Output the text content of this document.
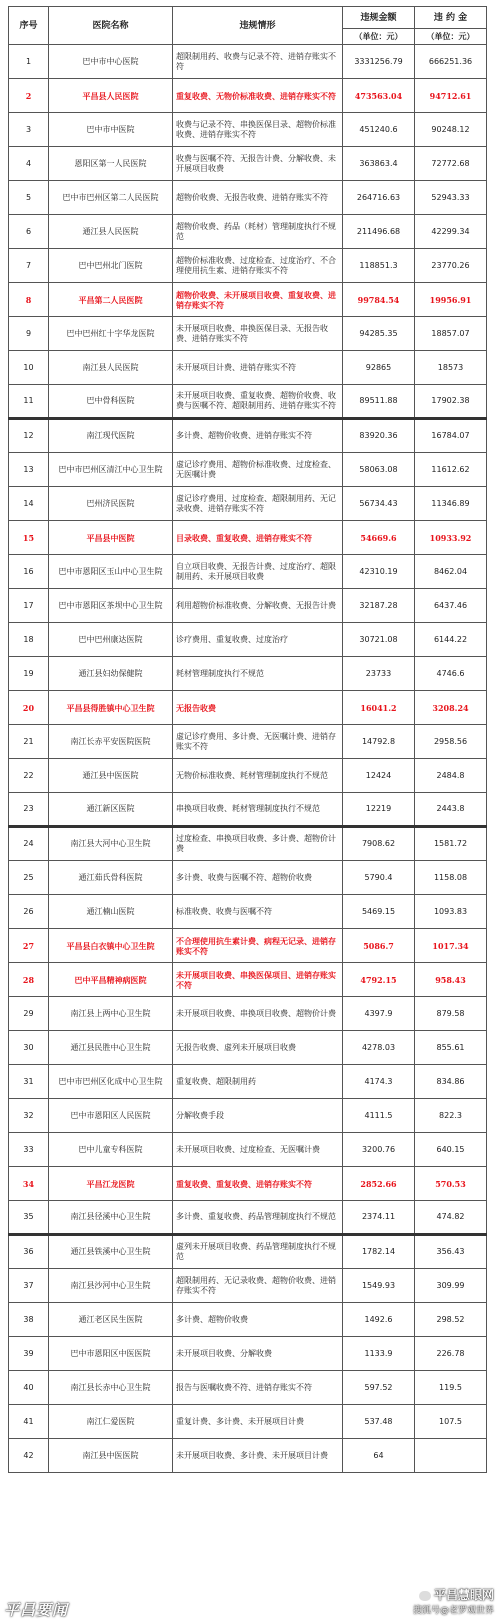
序号	医院名称	违规情形	违规金额	违 约 金
			（单位：元）	（单位：元）
1	巴中市中心医院	超限制用药、收费与记录不符、进销存账实不符	3331256.79	666251.36
2	平昌县人民医院	重复收费、无物价标准收费、进销存账实不符	473563.04	94712.61
3	巴中市中医院	收费与记录不符、串换医保目录、超物价标准收费、进销存账实不符	451240.6	90248.12
4	恩阳区第一人民医院	收费与医嘱不符、无报告计费、分解收费、未开展项目收费	363863.4	72772.68
5	巴中市巴州区第二人民医院	超物价收费、无报告收费、进销存账实不符	264716.63	52943.33
6	通江县人民医院	超物价收费、药品（耗材）管理制度执行不规范	211496.68	42299.34
7	巴中巴州北门医院	超物价标准收费、过度检查、过度治疗、不合理使用抗生素、进销存账实不符	118851.3	23770.26
8	平昌第二人民医院	超物价收费、未开展项目收费、重复收费、进销存账实不符	99784.54	19956.91
9	巴中巴州红十字华龙医院	未开展项目收费、串换医保目录、无报告收费、进销存账实不符	94285.35	18857.07
10	南江县人民医院	未开展项目计费、进销存账实不符	92865	18573
11	巴中骨科医院	未开展项目收费、重复收费、超物价收费、收费与医嘱不符、超限制用药、进销存账实不符	89511.88	17902.38
12	南江现代医院	多计费、超物价收费、进销存账实不符	83920.36	16784.07
13	巴中市巴州区清江中心卫生院	虚记诊疗费用、超物价标准收费、过度检查、无医嘱计费	58063.08	11612.62
14	巴州济民医院	虚记诊疗费用、过度检查、超限制用药、无记录收费、进销存账实不符	56734.43	11346.89
15	平昌县中医院	目录收费、重复收费、进销存账实不符	54669.6	10933.92
16	巴中市恩阳区玉山中心卫生院	自立项目收费、无报告计费、过度治疗、超限制用药、未开展项目收费	42310.19	8462.04
17	巴中市恩阳区茶坝中心卫生院	利用超物价标准收费、分解收费、无报告计费	32187.28	6437.46
18	巴中巴州康达医院	诊疗费用、重复收费、过度治疗	30721.08	6144.22
19	通江县妇幼保健院	耗材管理制度执行不规范	23733	4746.6
20	平昌县得胜镇中心卫生院	无报告收费	16041.2	3208.24
21	南江长赤平安医院医院	虚记诊疗费用、多计费、无医嘱计费、进销存账实不符	14792.8	2958.56
22	通江县中医医院	无物价标准收费、耗材管理制度执行不规范	12424	2484.8
23	通江新区医院	串换项目收费、耗材管理制度执行不规范	12219	2443.8
24	南江县大河中心卫生院	过度检查、串换项目收费、多计费、超物价计费	7908.62	1581.72
25	通江茹氏骨科医院	多计费、收费与医嘱不符、超物价收费	5790.4	1158.08
26	通江楠山医院	标准收费、收费与医嘱不符	5469.15	1093.83
27	平昌县白衣镇中心卫生院	不合理使用抗生素计费、病程无记录、进销存账实不符	5086.7	1017.34
28	巴中平昌精神病医院	未开展项目收费、串换医保项目、进销存账实不符	4792.15	958.43
29	南江县上两中心卫生院	未开展项目收费、串换项目收费、超物价计费	4397.9	879.58
30	通江县民胜中心卫生院	无报告收费、虚列未开展项目收费	4278.03	855.61
31	巴中市巴州区化成中心卫生院	重复收费、超限制用药	4174.3	834.86
32	巴中市恩阳区人民医院	分解收费手段	4111.5	822.3
33	巴中儿童专科医院	未开展项目收费、过度检查、无医嘱计费	3200.76	640.15
34	平昌江龙医院	重复收费、重复收费、进销存账实不符	2852.66	570.53
35	南江县径溪中心卫生院	多计费、重复收费、药品管理制度执行不规范	2374.11	474.82
36	通江县铁溪中心卫生院	虚列未开展项目收费、药品管理制度执行不规范	1782.14	356.43
37	南江县沙河中心卫生院	超限制用药、无记录收费、超物价收费、进销存账实不符	1549.93	309.99
38	通江老区民生医院	多计费、超物价收费	1492.6	298.52
39	巴中市恩阳区中医医院	未开展项目收费、分解收费	1133.9	226.78
40	南江县长赤中心卫生院	报告与医嘱收费不符、进销存账实不符	597.52	119.5
41	南江仁爱医院	重复计费、多计费、未开展项目计费	537.48	107.5
42	南江县中医医院	未开展项目收费、多计费、未开展项目计费	64	
平昌要闻
平昌慧眼网
搜狐号@老罗观世界
